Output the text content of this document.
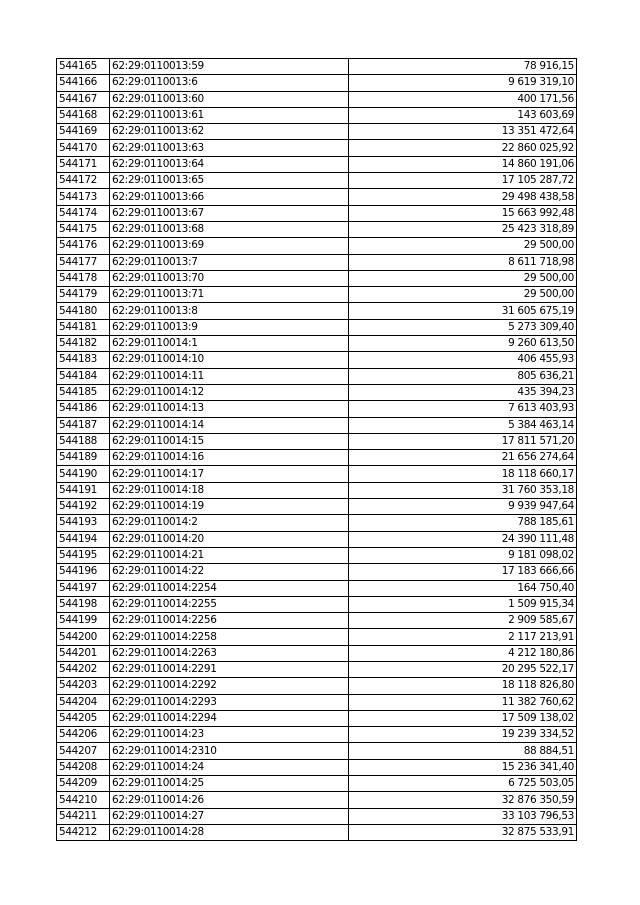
544165	62:29:0110013:59	78 916,15
544166	62:29:0110013:6	9 619 319,10
544167	62:29:0110013:60	400 171,56
544168	62:29:0110013:61	143 603,69
544169	62:29:0110013:62	13 351 472,64
544170	62:29:0110013:63	22 860 025,92
544171	62:29:0110013:64	14 860 191,06
544172	62:29:0110013:65	17 105 287,72
544173	62:29:0110013:66	29 498 438,58
544174	62:29:0110013:67	15 663 992,48
544175	62:29:0110013:68	25 423 318,89
544176	62:29:0110013:69	29 500,00
544177	62:29:0110013:7	8 611 718,98
544178	62:29:0110013:70	29 500,00
544179	62:29:0110013:71	29 500,00
544180	62:29:0110013:8	31 605 675,19
544181	62:29:0110013:9	5 273 309,40
544182	62:29:0110014:1	9 260 613,50
544183	62:29:0110014:10	406 455,93
544184	62:29:0110014:11	805 636,21
544185	62:29:0110014:12	435 394,23
544186	62:29:0110014:13	7 613 403,93
544187	62:29:0110014:14	5 384 463,14
544188	62:29:0110014:15	17 811 571,20
544189	62:29:0110014:16	21 656 274,64
544190	62:29:0110014:17	18 118 660,17
544191	62:29:0110014:18	31 760 353,18
544192	62:29:0110014:19	9 939 947,64
544193	62:29:0110014:2	788 185,61
544194	62:29:0110014:20	24 390 111,48
544195	62:29:0110014:21	9 181 098,02
544196	62:29:0110014:22	17 183 666,66
544197	62:29:0110014:2254	164 750,40
544198	62:29:0110014:2255	1 509 915,34
544199	62:29:0110014:2256	2 909 585,67
544200	62:29:0110014:2258	2 117 213,91
544201	62:29:0110014:2263	4 212 180,86
544202	62:29:0110014:2291	20 295 522,17
544203	62:29:0110014:2292	18 118 826,80
544204	62:29:0110014:2293	11 382 760,62
544205	62:29:0110014:2294	17 509 138,02
544206	62:29:0110014:23	19 239 334,52
544207	62:29:0110014:2310	88 884,51
544208	62:29:0110014:24	15 236 341,40
544209	62:29:0110014:25	6 725 503,05
544210	62:29:0110014:26	32 876 350,59
544211	62:29:0110014:27	33 103 796,53
544212	62:29:0110014:28	32 875 533,91
